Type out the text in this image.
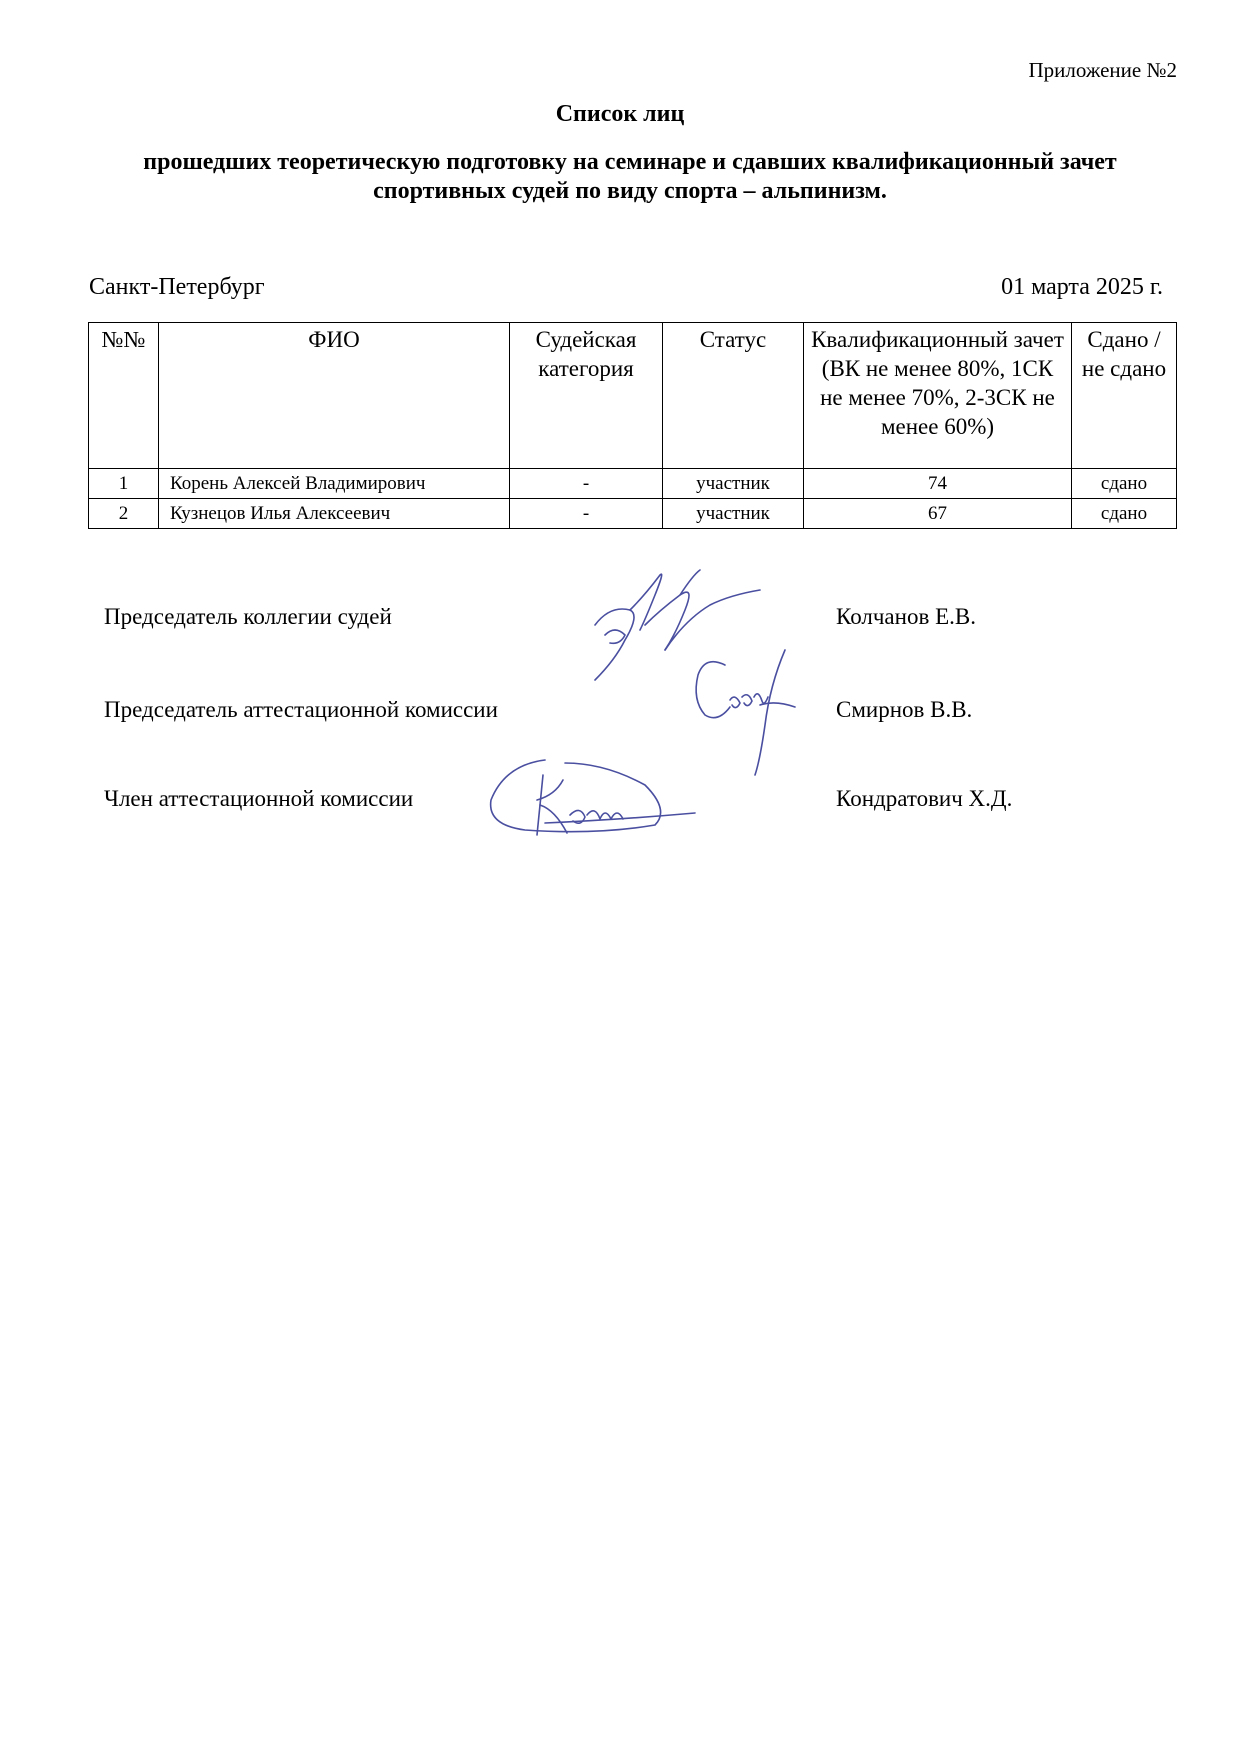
Приложение №2
Список лиц
прошедших теоретическую подготовку на семинаре и сдавших квалификационный зачет спортивных судей по виду спорта – альпинизм.
Санкт-Петербург	01 марта 2025 г.
№№	ФИО	Судейская категория	Статус	Квалификационный зачет (ВК не менее 80%, 1СК не менее 70%, 2-3СК не менее 60%)	Сдано / не сдано
1	Корень Алексей Владимирович	-	участник	74	сдано
2	Кузнецов Илья Алексеевич	-	участник	67	сдано
Председатель коллегии судей	Колчанов Е.В.
Председатель аттестационной комиссии	Смирнов В.В.
Член аттестационной комиссии	Кондратович Х.Д.
